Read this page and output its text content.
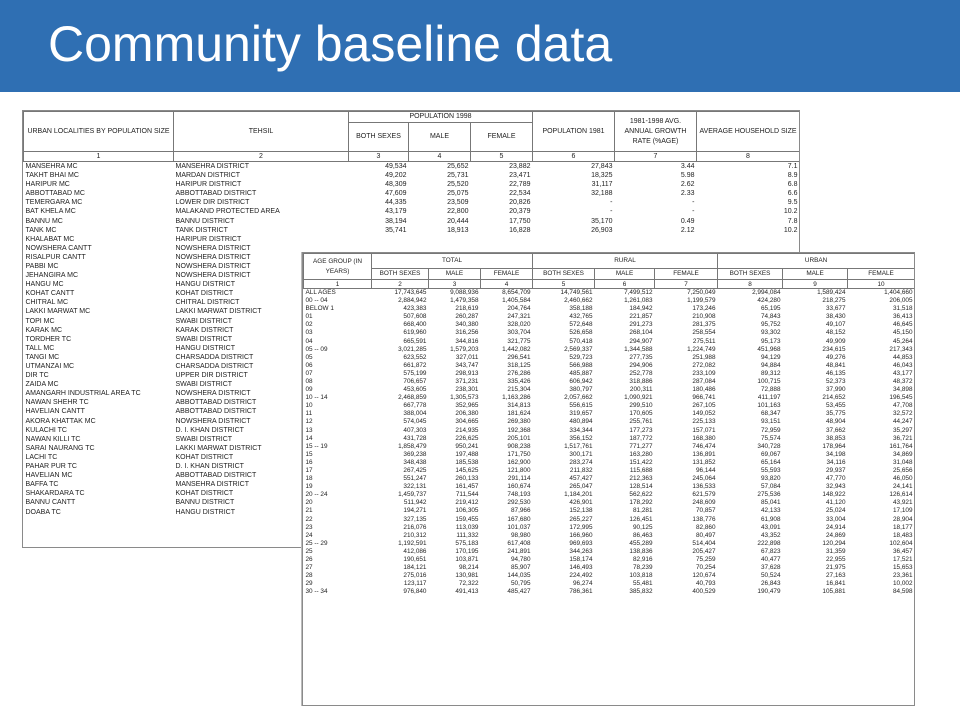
Community baseline data
URBAN LOCALITIES BY POPULATION SIZE	TEHSIL	POPULATION 1998			POPULATION 1981	1981-1998 AVG. ANNUAL GROWTH RATE (%AGE)	AVERAGE HOUSEHOLD SIZE
		BOTH SEXES	MALE	FEMALE			
1	2	3	4	5	6	7	8
MANSEHRA MC	MANSEHRA DISTRICT	49,534	25,652	23,882	27,843	3.44	7.1
TAKHT BHAI MC	MARDAN DISTRICT	49,202	25,731	23,471	18,325	5.98	8.9
HARIPUR MC	HARIPUR DISTRICT	48,309	25,520	22,789	31,117	2.62	6.8
ABBOTTABAD MC	ABBOTTABAD DISTRICT	47,609	25,075	22,534	32,188	2.33	6.6
TEMERGARA MC	LOWER DIR DISTRICT	44,335	23,509	20,826	-	-	9.5
BAT KHELA MC	MALAKAND PROTECTED AREA	43,179	22,800	20,379	-	-	10.2
BANNU MC	BANNU DISTRICT	38,194	20,444	17,750	35,170	0.49	7.8
TANK MC	TANK DISTRICT	35,741	18,913	16,828	26,903	2.12	10.2
KHALABAT MC	HARIPUR DISTRICT						
NOWSHERA CANTT	NOWSHERA DISTRICT						
RISALPUR CANTT	NOWSHERA DISTRICT						
PABBI MC	NOWSHERA DISTRICT						
JEHANGIRA MC	NOWSHERA DISTRICT						
HANGU MC	HANGU DISTRICT						
KOHAT CANTT	KOHAT DISTRICT						
CHITRAL MC	CHITRAL DISTRICT						
LAKKI MARWAT MC	LAKKI MARWAT DISTRICT						
TOPI MC	SWABI DISTRICT						
KARAK MC	KARAK DISTRICT						
TORDHER TC	SWABI DISTRICT						
TALL MC	HANGU DISTRICT						
TANGI MC	CHARSADDA DISTRICT						
UTMANZAI MC	CHARSADDA DISTRICT						
DIR TC	UPPER DIR DISTRICT						
ZAIDA MC	SWABI DISTRICT						
AMANGARH INDUSTRIAL AREA TC	NOWSHERA DISTRICT						
NAWAN SHEHR TC	ABBOTTABAD DISTRICT						
HAVELIAN CANTT	ABBOTTABAD DISTRICT						
AKORA KHATTAK MC	NOWSHERA DISTRICT						
KULACHI TC	D. I. KHAN DISTRICT						
NAWAN KILLI TC	SWABI DISTRICT						
SARAI NAURANG TC	LAKKI MARWAT DISTRICT						
LACHI TC	KOHAT DISTRICT						
PAHAR PUR TC	D. I. KHAN DISTRICT						
HAVELIAN MC	ABBOTTABAD DISTRICT						
BAFFA TC	MANSEHRA DISTRICT						
SHAKARDARA TC	KOHAT DISTRICT						
BANNU CANTT	BANNU DISTRICT						
DOABA TC	HANGU DISTRICT						
AGE GROUP (IN YEARS)	TOTAL			RURAL			URBAN		
	BOTH SEXES	MALE	FEMALE	BOTH SEXES	MALE	FEMALE	BOTH SEXES	MALE	FEMALE
1	2	3	4	5	6	7	8	9	10
ALL AGES	17,743,645	9,088,936	8,654,709	14,749,561	7,499,512	7,250,049	2,994,084	1,589,424	1,404,660
00 -- 04	2,884,942	1,479,358	1,405,584	2,460,662	1,261,083	1,199,579	424,280	218,275	206,005
BELOW 1	423,383	218,619	204,764	358,188	184,942	173,246	65,195	33,677	31,518
01	507,608	260,287	247,321	432,765	221,857	210,908	74,843	38,430	36,413
02	668,400	340,380	328,020	572,648	291,273	281,375	95,752	49,107	46,645
03	619,960	316,256	303,704	526,658	268,104	258,554	93,302	48,152	45,150
04	665,591	344,816	321,775	570,418	294,907	275,511	95,173	49,909	45,264
05 -- 09	3,021,285	1,579,203	1,442,082	2,569,337	1,344,588	1,224,749	451,968	234,615	217,343
05	623,552	327,011	296,541	529,723	277,735	251,988	94,129	49,276	44,853
06	661,872	343,747	318,125	566,988	294,906	272,082	94,884	48,841	46,043
07	575,199	298,913	276,286	485,887	252,778	233,109	89,312	46,135	43,177
08	706,657	371,231	335,426	606,942	318,886	287,084	100,715	52,373	48,372
09	453,605	238,301	215,304	380,797	200,311	180,486	72,888	37,990	34,898
10 -- 14	2,468,859	1,305,573	1,163,286	2,057,662	1,090,921	966,741	411,197	214,652	196,545
10	667,778	352,965	314,813	556,615	299,510	267,105	101,163	53,455	47,708
11	388,004	206,380	181,624	319,657	170,605	149,052	68,347	35,775	32,572
12	574,045	304,665	269,380	480,894	255,761	225,133	93,151	48,904	44,247
13	407,303	214,935	192,368	334,344	177,273	157,071	72,959	37,662	35,297
14	431,728	226,625	205,101	356,152	187,772	168,380	75,574	38,853	36,721
15 -- 19	1,858,479	950,241	908,238	1,517,761	771,277	746,474	340,728	178,964	161,764
15	369,238	197,488	171,750	300,171	163,280	136,891	69,067	34,198	34,869
16	348,438	185,538	162,900	283,274	151,422	131,852	65,164	34,116	31,048
17	267,425	145,625	121,800	211,832	115,688	96,144	55,593	29,937	25,656
18	551,247	260,133	291,114	457,427	212,363	245,064	93,820	47,770	46,050
19	322,131	161,457	160,674	265,047	128,514	136,533	57,084	32,943	24,141
20 -- 24	1,459,737	711,544	748,193	1,184,201	562,622	621,579	275,536	148,922	126,614
20	511,942	219,412	292,530	426,901	178,292	248,609	85,041	41,120	43,921
21	194,271	106,305	87,966	152,138	81,281	70,857	42,133	25,024	17,109
22	327,135	159,455	167,680	265,227	126,451	138,776	61,908	33,004	28,904
23	216,076	113,039	101,037	172,995	90,125	82,860	43,091	24,914	18,177
24	210,312	111,332	98,980	166,960	86,463	80,497	43,352	24,869	18,483
25 -- 29	1,192,591	575,183	617,408	969,693	455,289	514,404	222,898	120,294	102,604
25	412,086	170,195	241,891	344,263	138,836	205,427	67,823	31,359	36,457
26	190,651	103,871	94,780	158,174	82,916	75,259	40,477	22,955	17,521
27	184,121	98,214	85,907	146,493	78,239	70,254	37,628	21,975	15,653
28	275,016	130,981	144,035	224,492	103,818	120,674	50,524	27,163	23,361
29	123,117	72,322	50,795	96,274	55,481	40,793	26,843	16,841	10,002
30 -- 34	976,840	491,413	485,427	786,361	385,832	400,529	190,479	105,881	84,598
